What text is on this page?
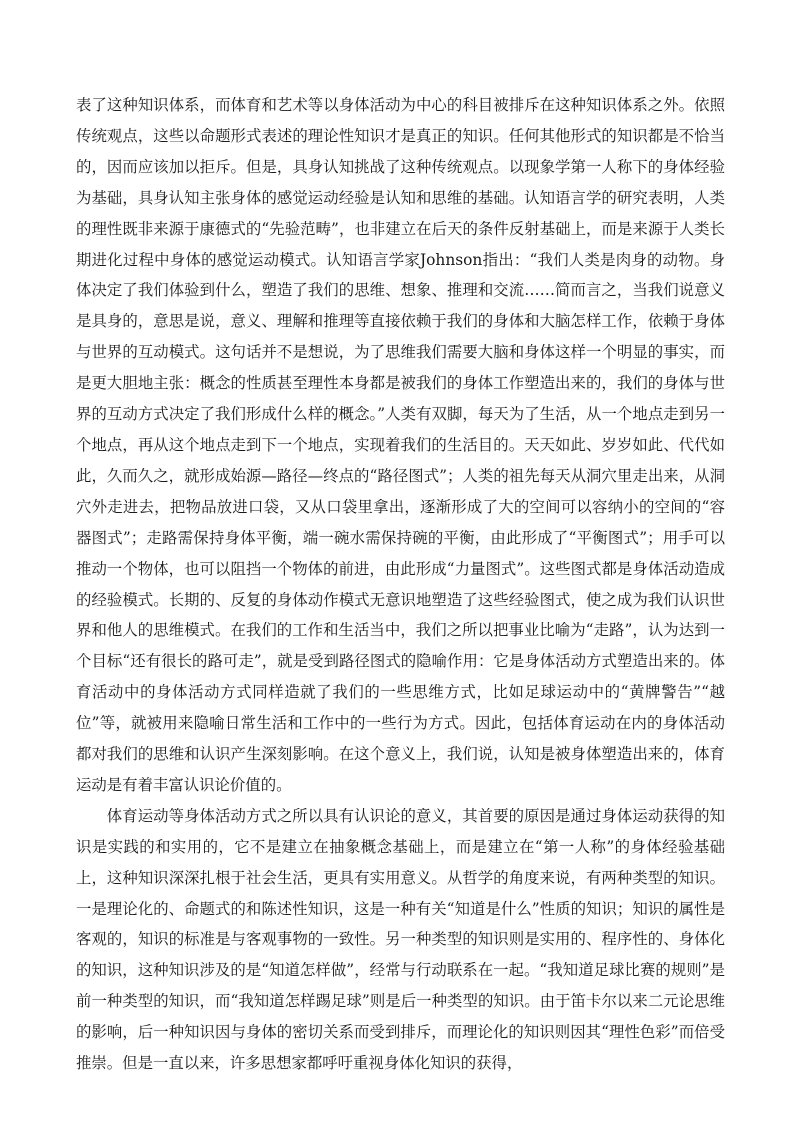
表了这种知识体系，而体育和艺术等以身体活动为中心的科目被排斥在这种知识体系之外。依照传统观点，这些以命题形式表述的理论性知识才是真正的知识。任何其他形式的知识都是不恰当的，因而应该加以拒斥。但是，具身认知挑战了这种传统观点。以现象学第一人称下的身体经验为基础，具身认知主张身体的感觉运动经验是认知和思维的基础。认知语言学的研究表明，人类的理性既非来源于康德式的“先验范畴”，也非建立在后天的条件反射基础上，而是来源于人类长期进化过程中身体的感觉运动模式。认知语言学家Johnson指出：“我们人类是肉身的动物。身体决定了我们体验到什么，塑造了我们的思维、想象、推理和交流……简而言之，当我们说意义是具身的，意思是说，意义、理解和推理等直接依赖于我们的身体和大脑怎样工作，依赖于身体与世界的互动模式。这句话并不是想说，为了思维我们需要大脑和身体这样一个明显的事实，而是更大胆地主张：概念的性质甚至理性本身都是被我们的身体工作塑造出来的，我们的身体与世界的互动方式决定了我们形成什么样的概念。”人类有双脚，每天为了生活，从一个地点走到另一个地点，再从这个地点走到下一个地点，实现着我们的生活目的。天天如此、岁岁如此、代代如此，久而久之，就形成始源—路径—终点的“路径图式”；人类的祖先每天从洞穴里走出来，从洞穴外走进去，把物品放进口袋，又从口袋里拿出，逐渐形成了大的空间可以容纳小的空间的“容器图式”；走路需保持身体平衡，端一碗水需保持碗的平衡，由此形成了“平衡图式”；用手可以推动一个物体，也可以阻挡一个物体的前进，由此形成“力量图式”。这些图式都是身体活动造成的经验模式。长期的、反复的身体动作模式无意识地塑造了这些经验图式，使之成为我们认识世界和他人的思维模式。在我们的工作和生活当中，我们之所以把事业比喻为“走路”，认为达到一个目标“还有很长的路可走”，就是受到路径图式的隐喻作用：它是身体活动方式塑造出来的。体育活动中的身体活动方式同样造就了我们的一些思维方式，比如足球运动中的“黄牌警告”“越位”等，就被用来隐喻日常生活和工作中的一些行为方式。因此，包括体育运动在内的身体活动都对我们的思维和认识产生深刻影响。在这个意义上，我们说，认知是被身体塑造出来的，体育运动是有着丰富认识论价值的。

体育运动等身体活动方式之所以具有认识论的意义，其首要的原因是通过身体运动获得的知识是实践的和实用的，它不是建立在抽象概念基础上，而是建立在“第一人称”的身体经验基础上，这种知识深深扎根于社会生活，更具有实用意义。从哲学的角度来说，有两种类型的知识。一是理论化的、命题式的和陈述性知识，这是一种有关“知道是什么”性质的知识；知识的属性是客观的，知识的标准是与客观事物的一致性。另一种类型的知识则是实用的、程序性的、身体化的知识，这种知识涉及的是“知道怎样做”，经常与行动联系在一起。“我知道足球比赛的规则”是前一种类型的知识，而“我知道怎样踢足球”则是后一种类型的知识。由于笛卡尔以来二元论思维的影响，后一种知识因与身体的密切关系而受到排斥，而理论化的知识则因其“理性色彩”而倍受推崇。但是一直以来，许多思想家都呼吁重视身体化知识的获得，
